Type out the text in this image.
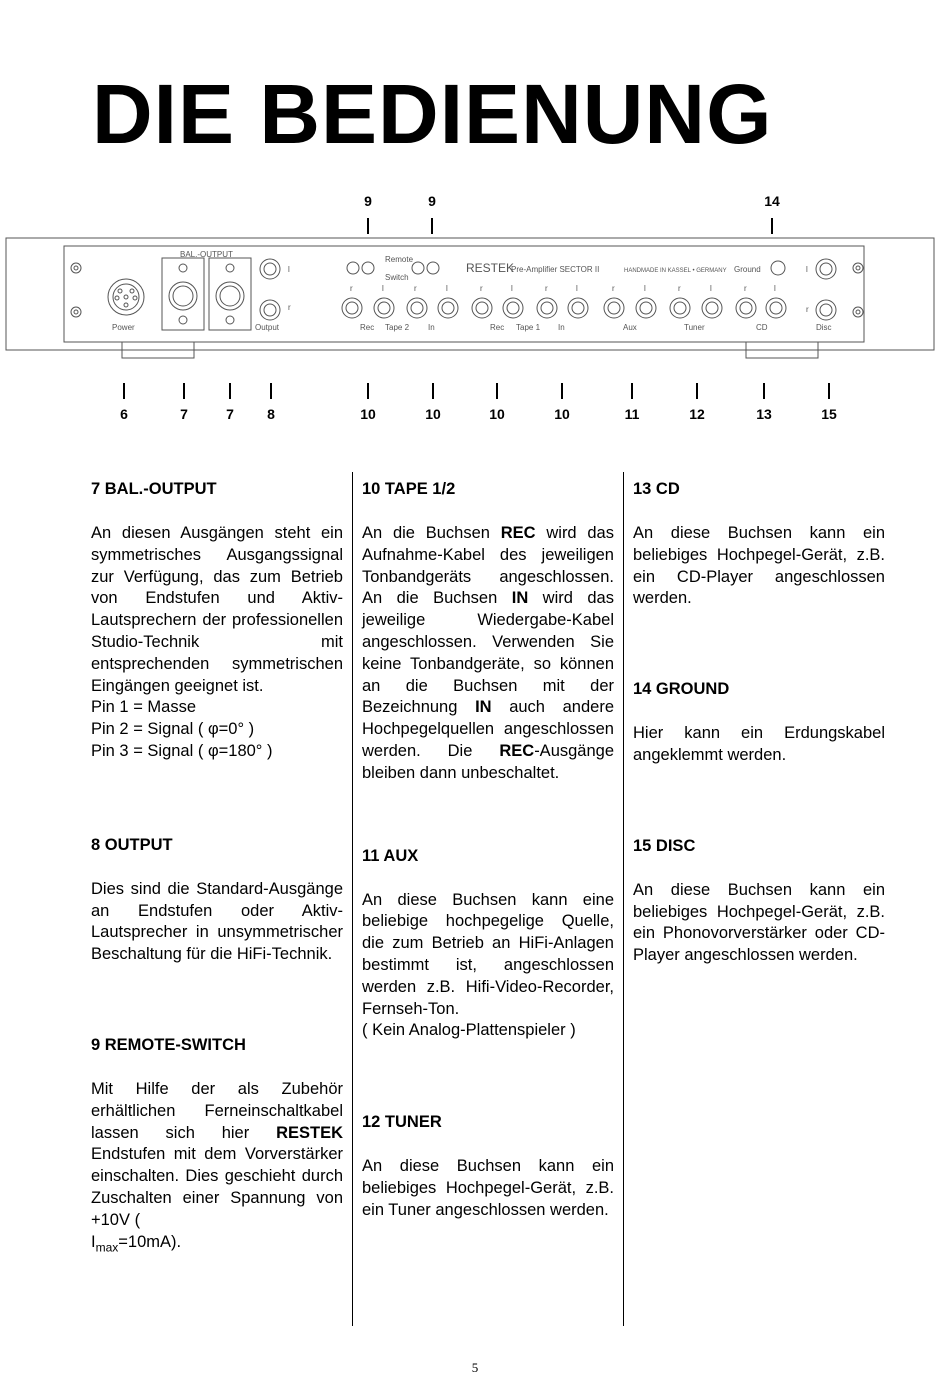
DIE BEDIENUNG
9	9	14
BAL.-OUTPUT
Remote
Switch
RESTEK
Pre-Amplifier SECTOR II	HANDMADE IN KASSEL • GERMANY Ground
l
r
l
r
r	l	r	l	r	l	r	l	r	l	r	l	r	l
Power	Output	Rec Tape 2 In	Rec Tape 1 In	Aux	Tuner	CD	Disc
6	7	7 8	10	10	10	10	11	12	13	15
7 BAL.-OUTPUT

An diesen Ausgängen steht ein symmetrisches Ausgangssignal zur Verfügung, das zum Betrieb von Endstufen und Aktiv-Lautsprechern der professionellen Studio-Technik mit entsprechenden symmetrischen Eingängen geeignet ist.

Pin 1 = Masse

Pin 2 = Signal ( φ=0° )

Pin 3 = Signal ( φ=180° )

8 OUTPUT

Dies sind die Standard-Ausgänge an Endstufen oder Aktiv-Lautsprecher in unsymmetrischer Beschaltung für die HiFi-Technik.

9 REMOTE-SWITCH

Mit Hilfe der als Zubehör erhältlichen Ferneinschaltkabel lassen sich hier RESTEK Endstufen mit dem Vorverstärker einschalten. Dies geschieht durch Zuschalten einer Spannung von +10V (
$I_{max}=10mA$).

10 TAPE 1/2

An die Buchsen REC wird das Aufnahme-Kabel des jeweiligen Tonbandgeräts angeschlossen. An die Buchsen IN wird das jeweilige Wiedergabe-Kabel angeschlossen. Verwenden Sie keine Tonbandgeräte, so können an die Buchsen mit der Bezeichnung IN auch andere Hochpegelquellen angeschlossen werden. Die REC-Ausgänge bleiben dann unbeschaltet.

11 AUX

An diese Buchsen kann eine beliebige hochpegelige Quelle, die zum Betrieb an HiFi-Anlagen bestimmt ist, angeschlossen werden z.B. Hifi-Video-Recorder, Fernseh-Ton.

( Kein Analog-Plattenspieler )

12 TUNER

An diese Buchsen kann ein beliebiges Hochpegel-Gerät, z.B. ein Tuner angeschlossen werden.

13 CD

An diese Buchsen kann ein beliebiges Hochpegel-Gerät, z.B. ein CD-Player angeschlossen werden.

14 GROUND

Hier kann ein Erdungskabel angeklemmt werden.

15 DISC

An diese Buchsen kann ein beliebiges Hochpegel-Gerät, z.B. ein Phonovorverstärker oder CD-Player angeschlossen werden.

5
